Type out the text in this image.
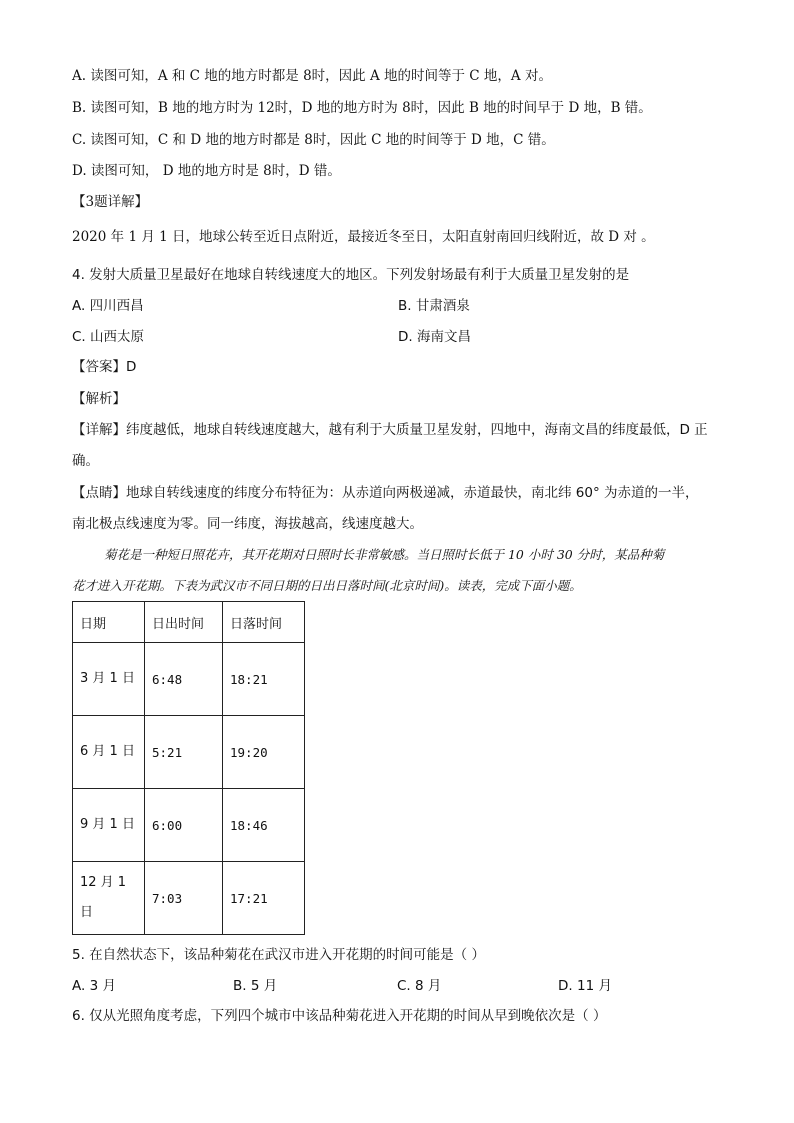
A. 读图可知，A 和 C 地的地方时都是 8时，因此 A 地的时间等于 C 地，A 对。
B. 读图可知，B 地的地方时为 12时，D 地的地方时为 8时，因此 B 地的时间早于 D 地，B 错。
C. 读图可知，C 和 D 地的地方时都是 8时，因此 C 地的时间等于 D 地，C 错。
D. 读图可知， D 地的地方时是 8时，D 错。
【3题详解】
2020 年 1 月 1 日，地球公转至近日点附近，最接近冬至日，太阳直射南回归线附近，故 D 对 。
4. 发射大质量卫星最好在地球自转线速度大的地区。下列发射场最有利于大质量卫星发射的是
A. 四川西昌	B. 甘肃酒泉
C. 山西太原	D. 海南文昌
【答案】D
【解析】
【详解】纬度越低，地球自转线速度越大，越有利于大质量卫星发射，四地中，海南文昌的纬度最低，D 正
确。
【点睛】地球自转线速度的纬度分布特征为：从赤道向两极递减，赤道最快，南北纬 60° 为赤道的一半，
南北极点线速度为零。同一纬度，海拔越高，线速度越大。
菊花是一种短日照花卉，其开花期对日照时长非常敏感。当日照时长低于 10 小时 30 分时，某品种菊
花才进入开花期。下表为武汉市不同日期的日出日落时间(北京时间)。读表，完成下面小题。
日期	日出时间	日落时间

3 月 1 日	6:48	18:21

6 月 1 日	5:21	19:20

9 月 1 日	6:00	18:46

12 月 1 日	7:03	17:21
5. 在自然状态下，该品种菊花在武汉市进入开花期的时间可能是（ ）
A. 3 月	B. 5 月	C. 8 月	D. 11 月
6. 仅从光照角度考虑，下列四个城市中该品种菊花进入开花期的时间从早到晚依次是（ ）
